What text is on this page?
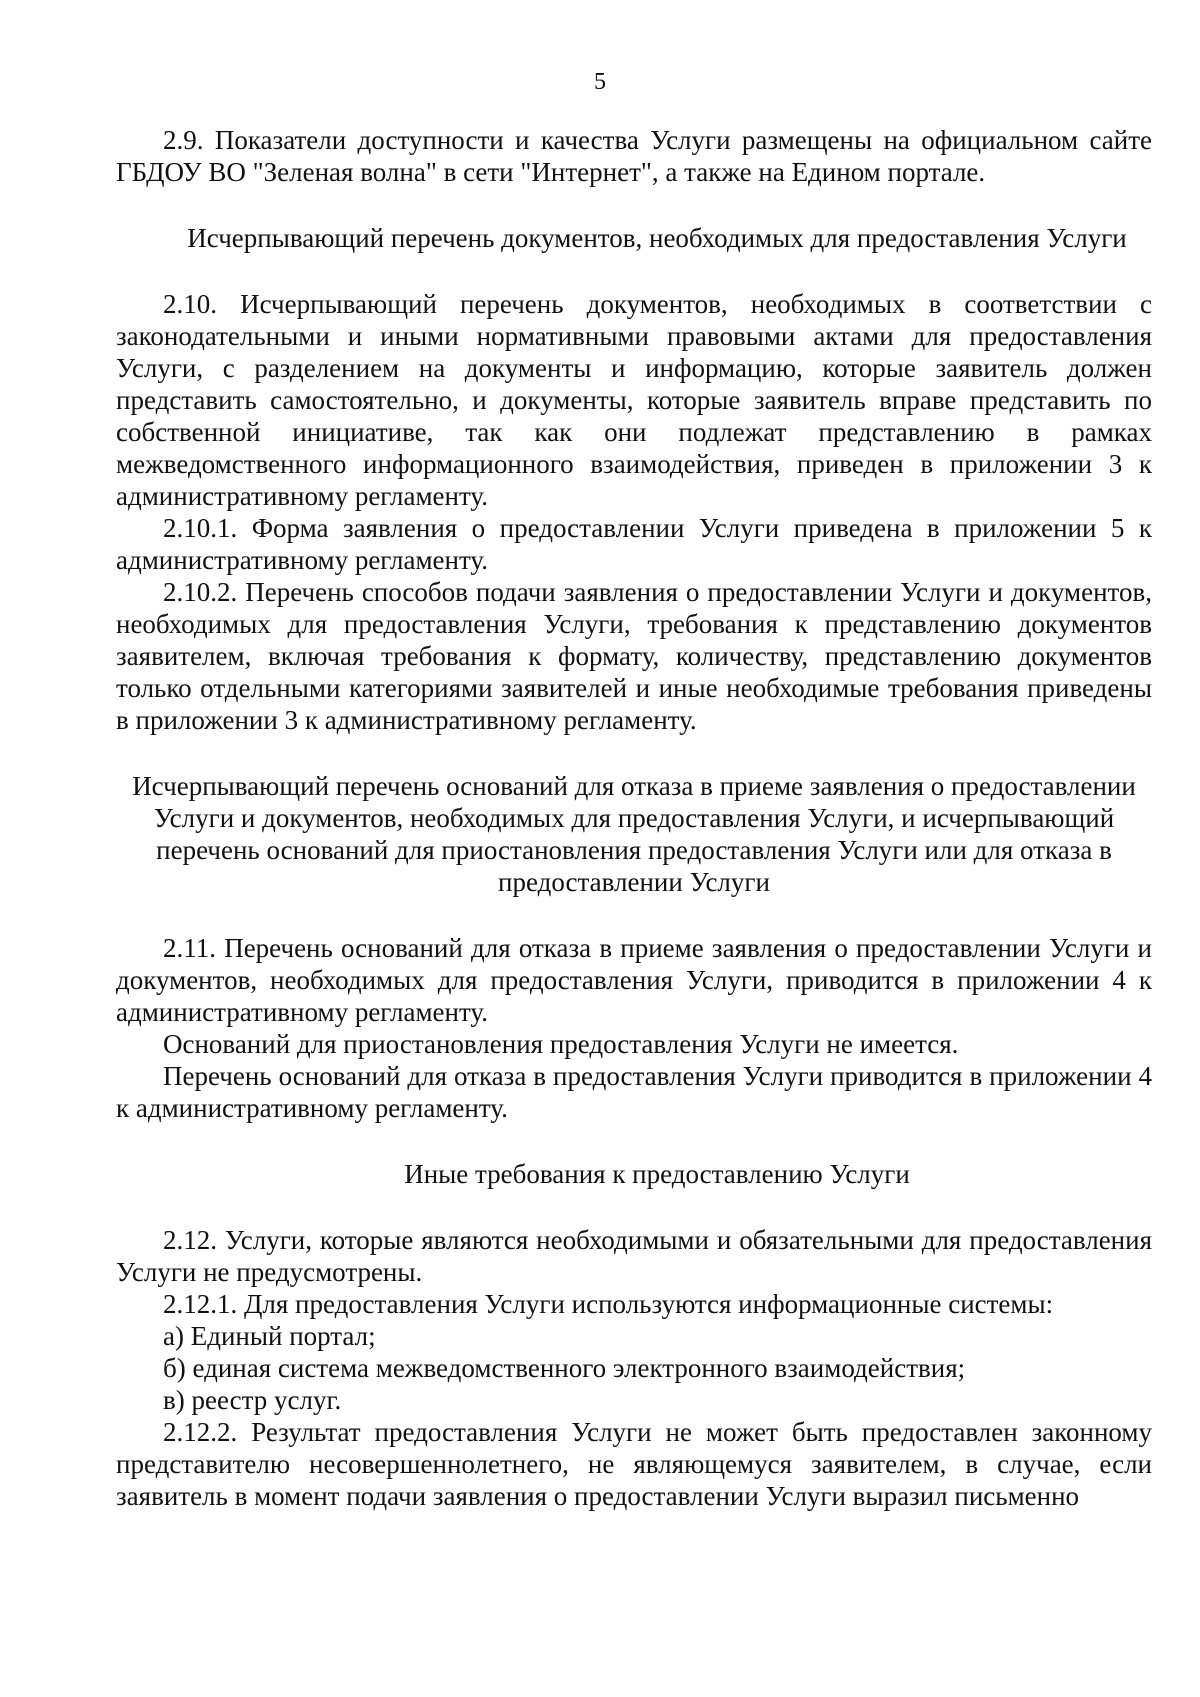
5

2.9. Показатели доступности и качества Услуги размещены на официальном сайте ГБДОУ ВО "Зеленая волна" в сети "Интернет", а также на Едином портале.

Исчерпывающий перечень документов, необходимых для предоставления Услуги

2.10. Исчерпывающий перечень документов, необходимых в соответствии с законодательными и иными нормативными правовыми актами для предоставления Услуги, с разделением на документы и информацию, которые заявитель должен представить самостоятельно, и документы, которые заявитель вправе представить по собственной инициативе, так как они подлежат представлению в рамках межведомственного информационного взаимодействия, приведен в приложении 3 к административному регламенту.

2.10.1. Форма заявления о предоставлении Услуги приведена в приложении 5 к административному регламенту.

2.10.2. Перечень способов подачи заявления о предоставлении Услуги и документов, необходимых для предоставления Услуги, требования к представлению документов заявителем, включая требования к формату, количеству, представлению документов только отдельными категориями заявителей и иные необходимые требования приведены в приложении 3 к административному регламенту.

Исчерпывающий перечень оснований для отказа в приеме заявления о предоставлении Услуги и документов, необходимых для предоставления Услуги, и исчерпывающий перечень оснований для приостановления предоставления Услуги или для отказа в предоставлении Услуги

2.11. Перечень оснований для отказа в приеме заявления о предоставлении Услуги и документов, необходимых для предоставления Услуги, приводится в приложении 4 к административному регламенту.

Оснований для приостановления предоставления Услуги не имеется.

Перечень оснований для отказа в предоставления Услуги приводится в приложении 4 к административному регламенту.

Иные требования к предоставлению Услуги

2.12. Услуги, которые являются необходимыми и обязательными для предоставления Услуги не предусмотрены.

2.12.1. Для предоставления Услуги используются информационные системы:

а) Единый портал;

б) единая система межведомственного электронного взаимодействия;

в) реестр услуг.

2.12.2. Результат предоставления Услуги не может быть предоставлен законному представителю несовершеннолетнего, не являющемуся заявителем, в случае, если заявитель в момент подачи заявления о предоставлении Услуги выразил письменно
